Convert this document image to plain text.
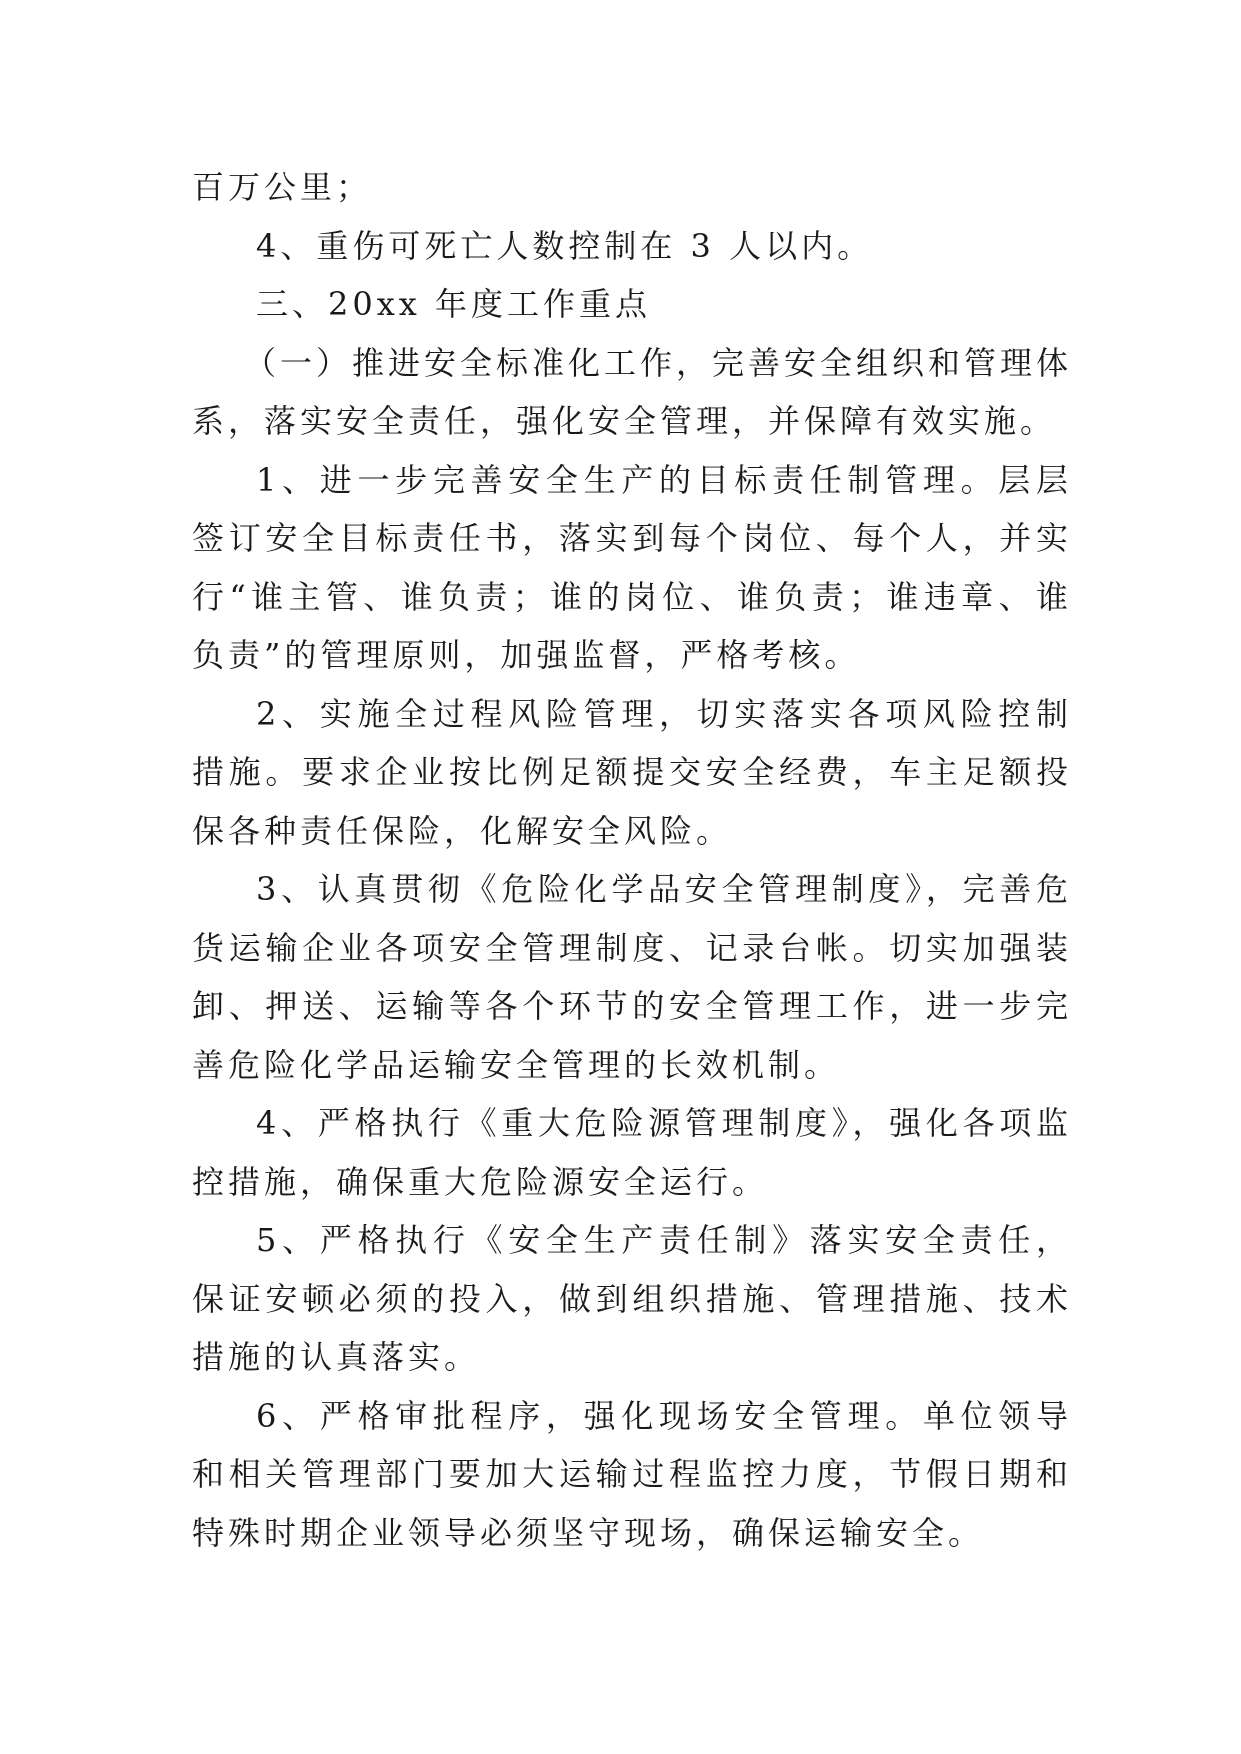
百万公里；

4、重伤可死亡人数控制在 3 人以内。

三、20xx 年度工作重点

（一）推进安全标准化工作，完善安全组织和管理体系，落实安全责任，强化安全管理，并保障有效实施。

1、进一步完善安全生产的目标责任制管理。层层签订安全目标责任书，落实到每个岗位、每个人，并实行“谁主管、谁负责；谁的岗位、谁负责；谁违章、谁负责”的管理原则，加强监督，严格考核。

2、实施全过程风险管理，切实落实各项风险控制措施。要求企业按比例足额提交安全经费，车主足额投保各种责任保险，化解安全风险。

3、认真贯彻《危险化学品安全管理制度》，完善危货运输企业各项安全管理制度、记录台帐。切实加强装卸、押送、运输等各个环节的安全管理工作，进一步完善危险化学品运输安全管理的长效机制。

4、严格执行《重大危险源管理制度》，强化各项监控措施，确保重大危险源安全运行。

5、严格执行《安全生产责任制》落实安全责任，保证安顿必须的投入，做到组织措施、管理措施、技术措施的认真落实。

6、严格审批程序，强化现场安全管理。单位领导和相关管理部门要加大运输过程监控力度，节假日期和特殊时期企业领导必须坚守现场，确保运输安全。
